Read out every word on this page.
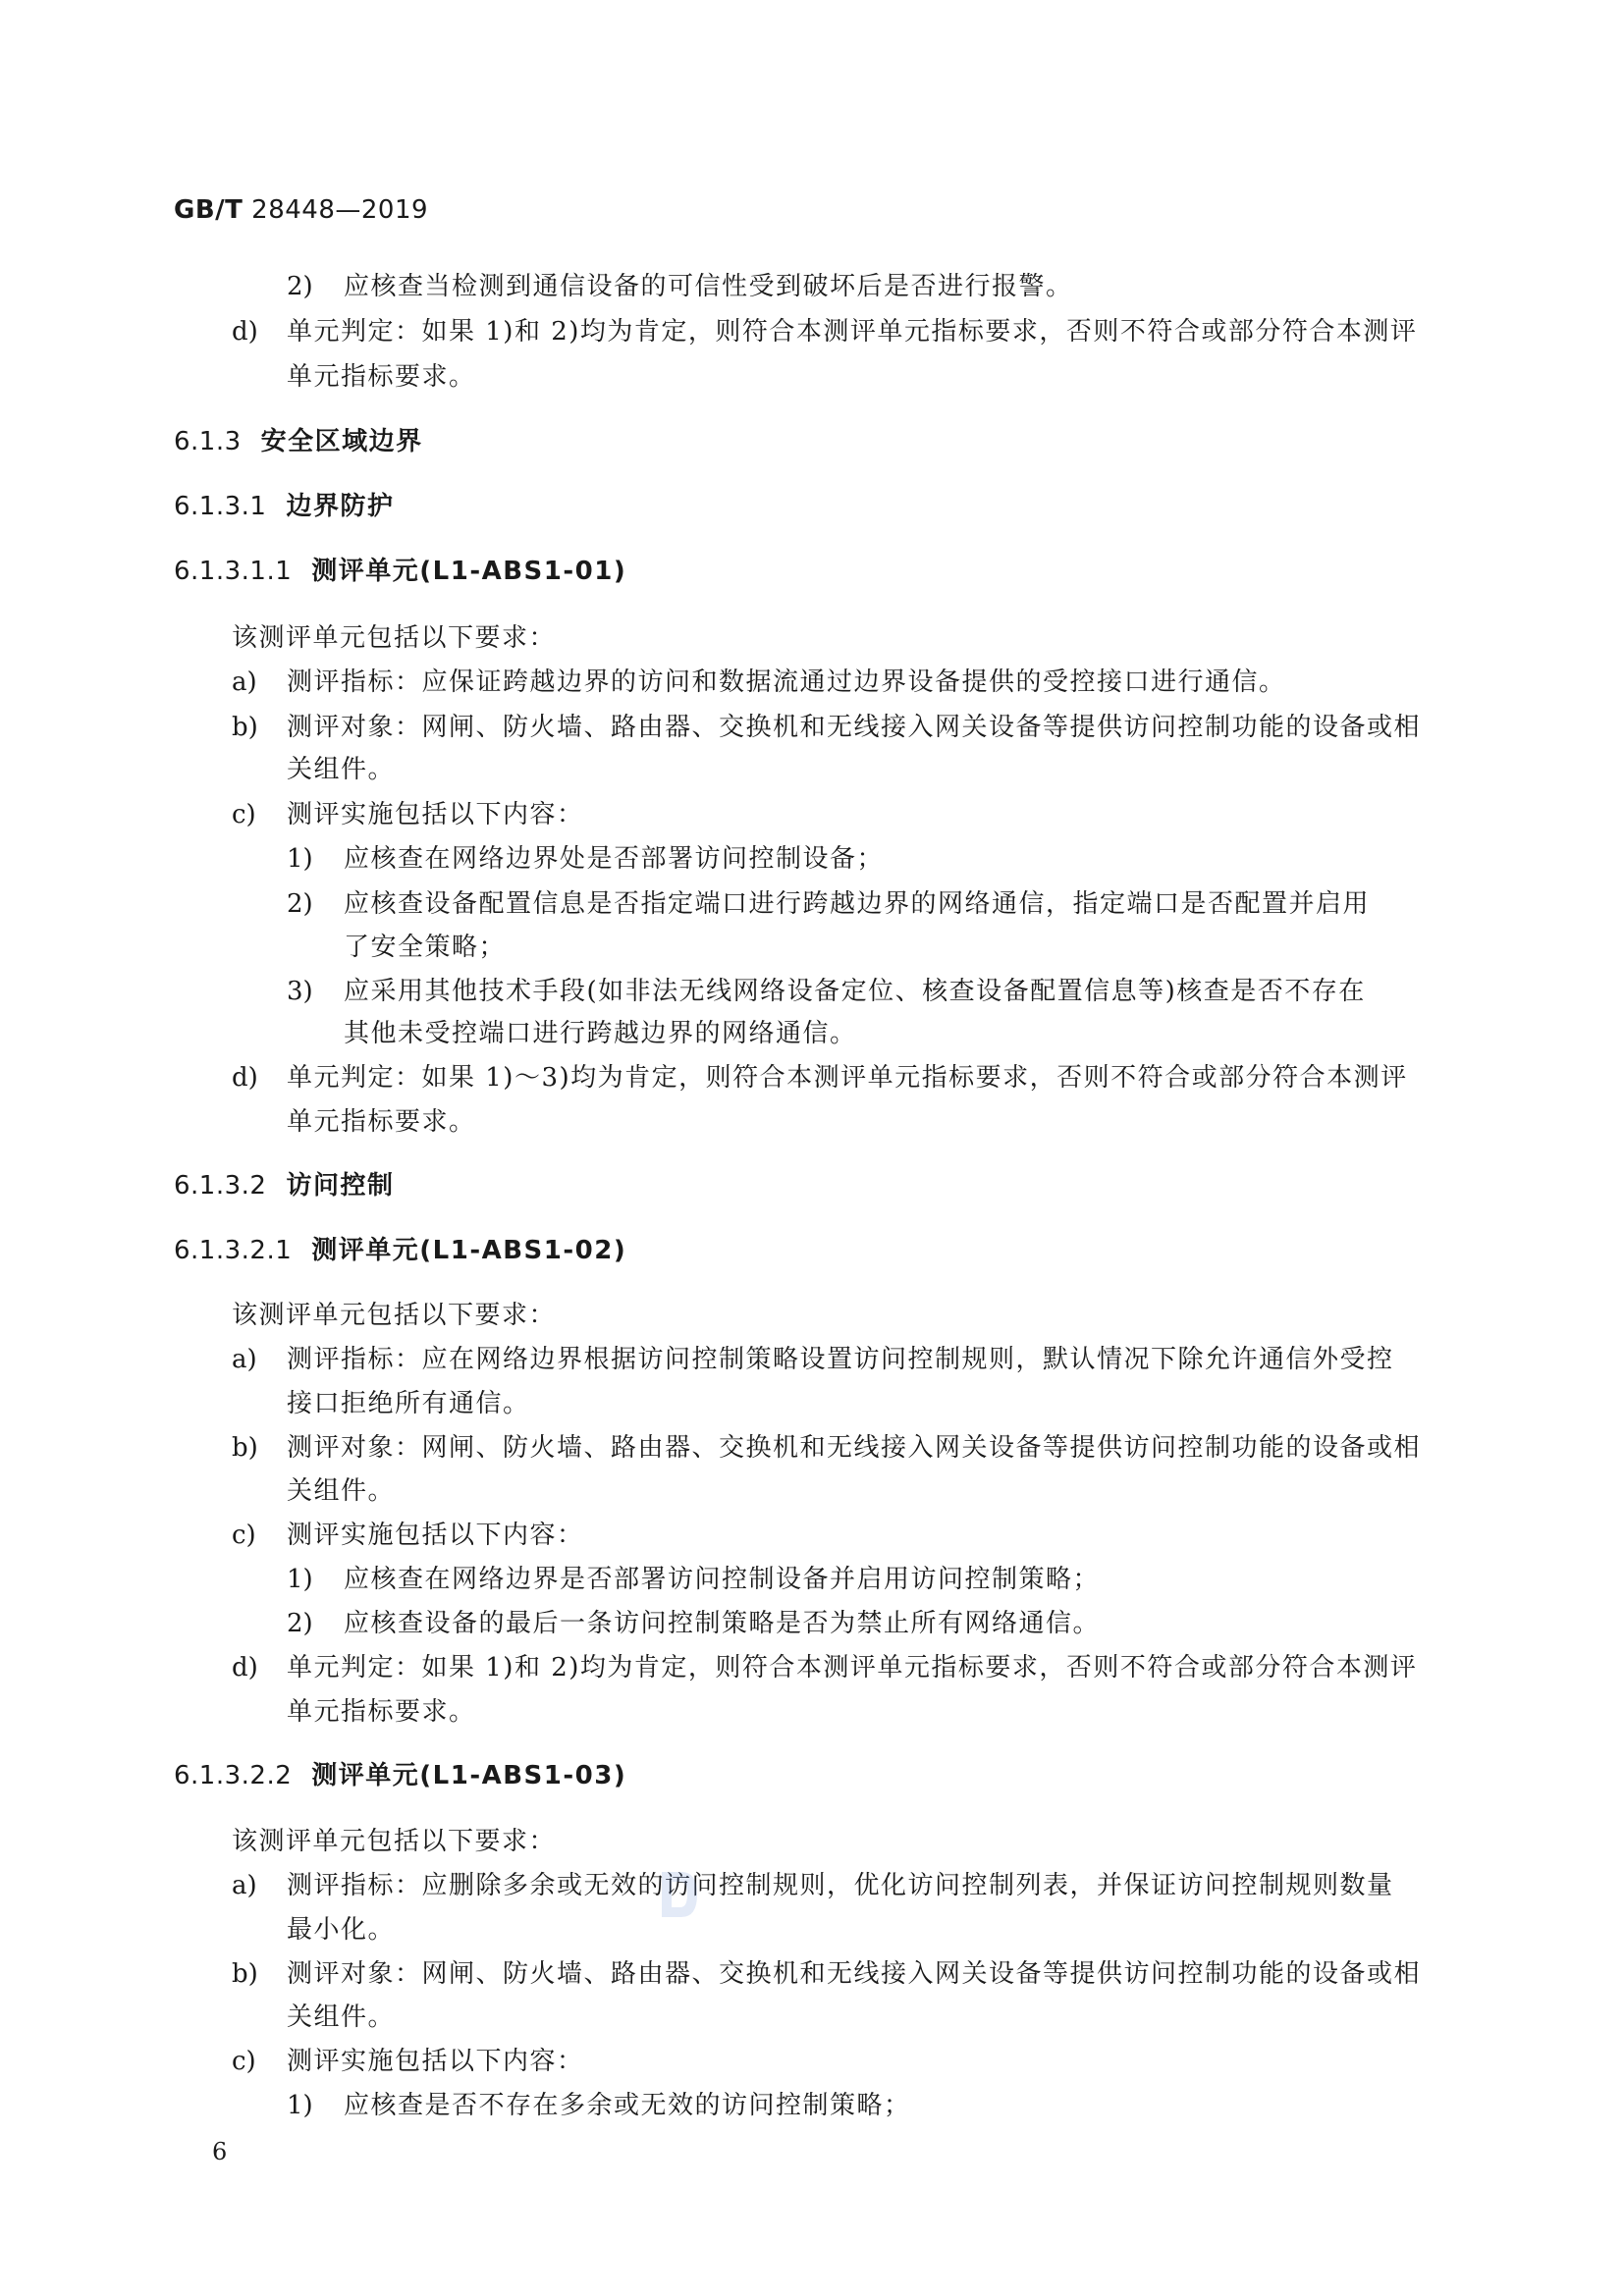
GB/T 28448—2019
2) 应核查当检测到通信设备的可信性受到破坏后是否进行报警。
d) 单元判定：如果 1)和 2)均为肯定，则符合本测评单元指标要求，否则不符合或部分符合本测评
单元指标要求。
6.1.3 安全区域边界
6.1.3.1 边界防护
6.1.3.1.1 测评单元(L1-ABS1-01)
该测评单元包括以下要求：
a) 测评指标：应保证跨越边界的访问和数据流通过边界设备提供的受控接口进行通信。
b) 测评对象：网闸、防火墙、路由器、交换机和无线接入网关设备等提供访问控制功能的设备或相
关组件。
c) 测评实施包括以下内容：
1) 应核查在网络边界处是否部署访问控制设备；
2) 应核查设备配置信息是否指定端口进行跨越边界的网络通信，指定端口是否配置并启用
了安全策略；
3) 应采用其他技术手段(如非法无线网络设备定位、核查设备配置信息等)核查是否不存在
其他未受控端口进行跨越边界的网络通信。
d) 单元判定：如果 1)～3)均为肯定，则符合本测评单元指标要求，否则不符合或部分符合本测评
单元指标要求。
6.1.3.2 访问控制
6.1.3.2.1 测评单元(L1-ABS1-02)
该测评单元包括以下要求：
a) 测评指标：应在网络边界根据访问控制策略设置访问控制规则，默认情况下除允许通信外受控
接口拒绝所有通信。
b) 测评对象：网闸、防火墙、路由器、交换机和无线接入网关设备等提供访问控制功能的设备或相
关组件。
c) 测评实施包括以下内容：
1) 应核查在网络边界是否部署访问控制设备并启用访问控制策略；
2) 应核查设备的最后一条访问控制策略是否为禁止所有网络通信。
d) 单元判定：如果 1)和 2)均为肯定，则符合本测评单元指标要求，否则不符合或部分符合本测评
单元指标要求。
6.1.3.2.2 测评单元(L1-ABS1-03)
该测评单元包括以下要求：
a) 测评指标：应删除多余或无效的访问控制规则，优化访问控制列表，并保证访问控制规则数量
最小化。
b) 测评对象：网闸、防火墙、路由器、交换机和无线接入网关设备等提供访问控制功能的设备或相
关组件。
c) 测评实施包括以下内容：
1) 应核查是否不存在多余或无效的访问控制策略；
6
